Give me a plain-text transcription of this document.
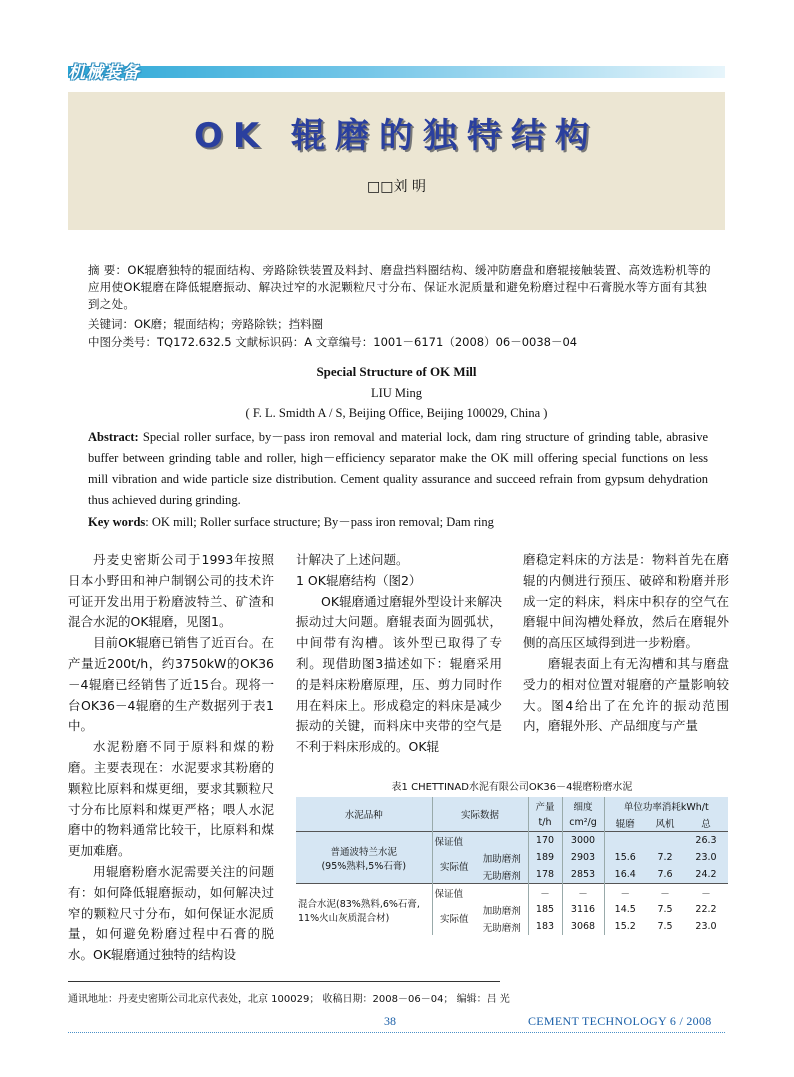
机械装备
OK 辊磨的独特结构
□□刘 明
摘 要：OK辊磨独特的辊面结构、旁路除铁装置及料封、磨盘挡料圈结构、缓冲防磨盘和磨辊接触装置、高效选粉机等的应用使OK辊磨在降低辊磨振动、解决过窄的水泥颗粒尺寸分布、保证水泥质量和避免粉磨过程中石膏脱水等方面有其独到之处。
关键词：OK磨；辊面结构；旁路除铁；挡料圈
中图分类号：TQ172.632.5 文献标识码：A 文章编号：1001－6171（2008）06－0038－04
Special Structure of OK Mill
LIU Ming
( F. L. Smidth A / S, Beijing Office, Beijing 100029, China )
Abstract: Special roller surface, by－pass iron removal and material lock, dam ring structure of grinding table, abrasive buffer between grinding table and roller, high－efficiency separator make the OK mill offering special functions on less mill vibration and wide particle size distribution. Cement quality assurance and succeed refrain from gypsum dehydration thus achieved during grinding.
Key words: OK mill; Roller surface structure; By－pass iron removal; Dam ring

丹麦史密斯公司于1993年按照日本小野田和神户制钢公司的技术许可证开发出用于粉磨波特兰、矿渣和混合水泥的OK辊磨，见图1。

目前OK辊磨已销售了近百台。在产量近200t/h，约3750kW的OK36－4辊磨已经销售了近15台。现将一台OK36－4辊磨的生产数据列于表1中。

水泥粉磨不同于原料和煤的粉磨。主要表现在：水泥要求其粉磨的颗粒比原料和煤更细，要求其颗粒尺寸分布比原料和煤更严格；喂人水泥磨中的物料通常比较干，比原料和煤更加难磨。

用辊磨粉磨水泥需要关注的问题有：如何降低辊磨振动，如何解决过窄的颗粒尺寸分布，如何保证水泥质量，如何避免粉磨过程中石膏的脱水。OK辊磨通过独特的结构设

计解决了上述问题。

1 OK辊磨结构（图2）

OK辊磨通过磨辊外型设计来解决振动过大问题。磨辊表面为圆弧状，中间带有沟槽。该外型已取得了专利。现借助图3描述如下：辊磨采用的是料床粉磨原理，压、剪力同时作用在料床上。形成稳定的料床是减少振动的关键，而料床中夹带的空气是不利于料床形成的。OK辊

磨稳定料床的方法是：物料首先在磨辊的内侧进行预压、破碎和粉磨并形成一定的料床，料床中积存的空气在磨辊中间沟槽处释放，然后在磨辊外侧的高压区域得到进一步粉磨。

磨辊表面上有无沟槽和其与磨盘受力的相对位置对辊磨的产量影响较大。图4给出了在允许的振动范围内，磨辊外形、产品细度与产量

表1 CHETTINAD水泥有限公司OK36－4辊磨粉磨水泥
水泥品种	实际数据		产量	细度	单位功率消耗kWh/t		
			t/h	cm²/g	辊磨	风机	总
普通波特兰水泥
(95%熟料,5%石膏)	保证值		170	3000			26.3
	实际值	加助磨剂	189	2903	15.6	7.2	23.0
		无助磨剂	178	2853	16.4	7.6	24.2
混合水泥(83%熟料,6%石膏,
11%火山灰质混合材)	保证值		－	－	－	－	－
	实际值	加助磨剂	185	3116	14.5	7.5	22.2
		无助磨剂	183	3068	15.2	7.5	23.0
通讯地址：丹麦史密斯公司北京代表处，北京 100029； 收稿日期：2008－06－04； 编辑：吕 光
38	CEMENT TECHNOLOGY 6 / 2008
